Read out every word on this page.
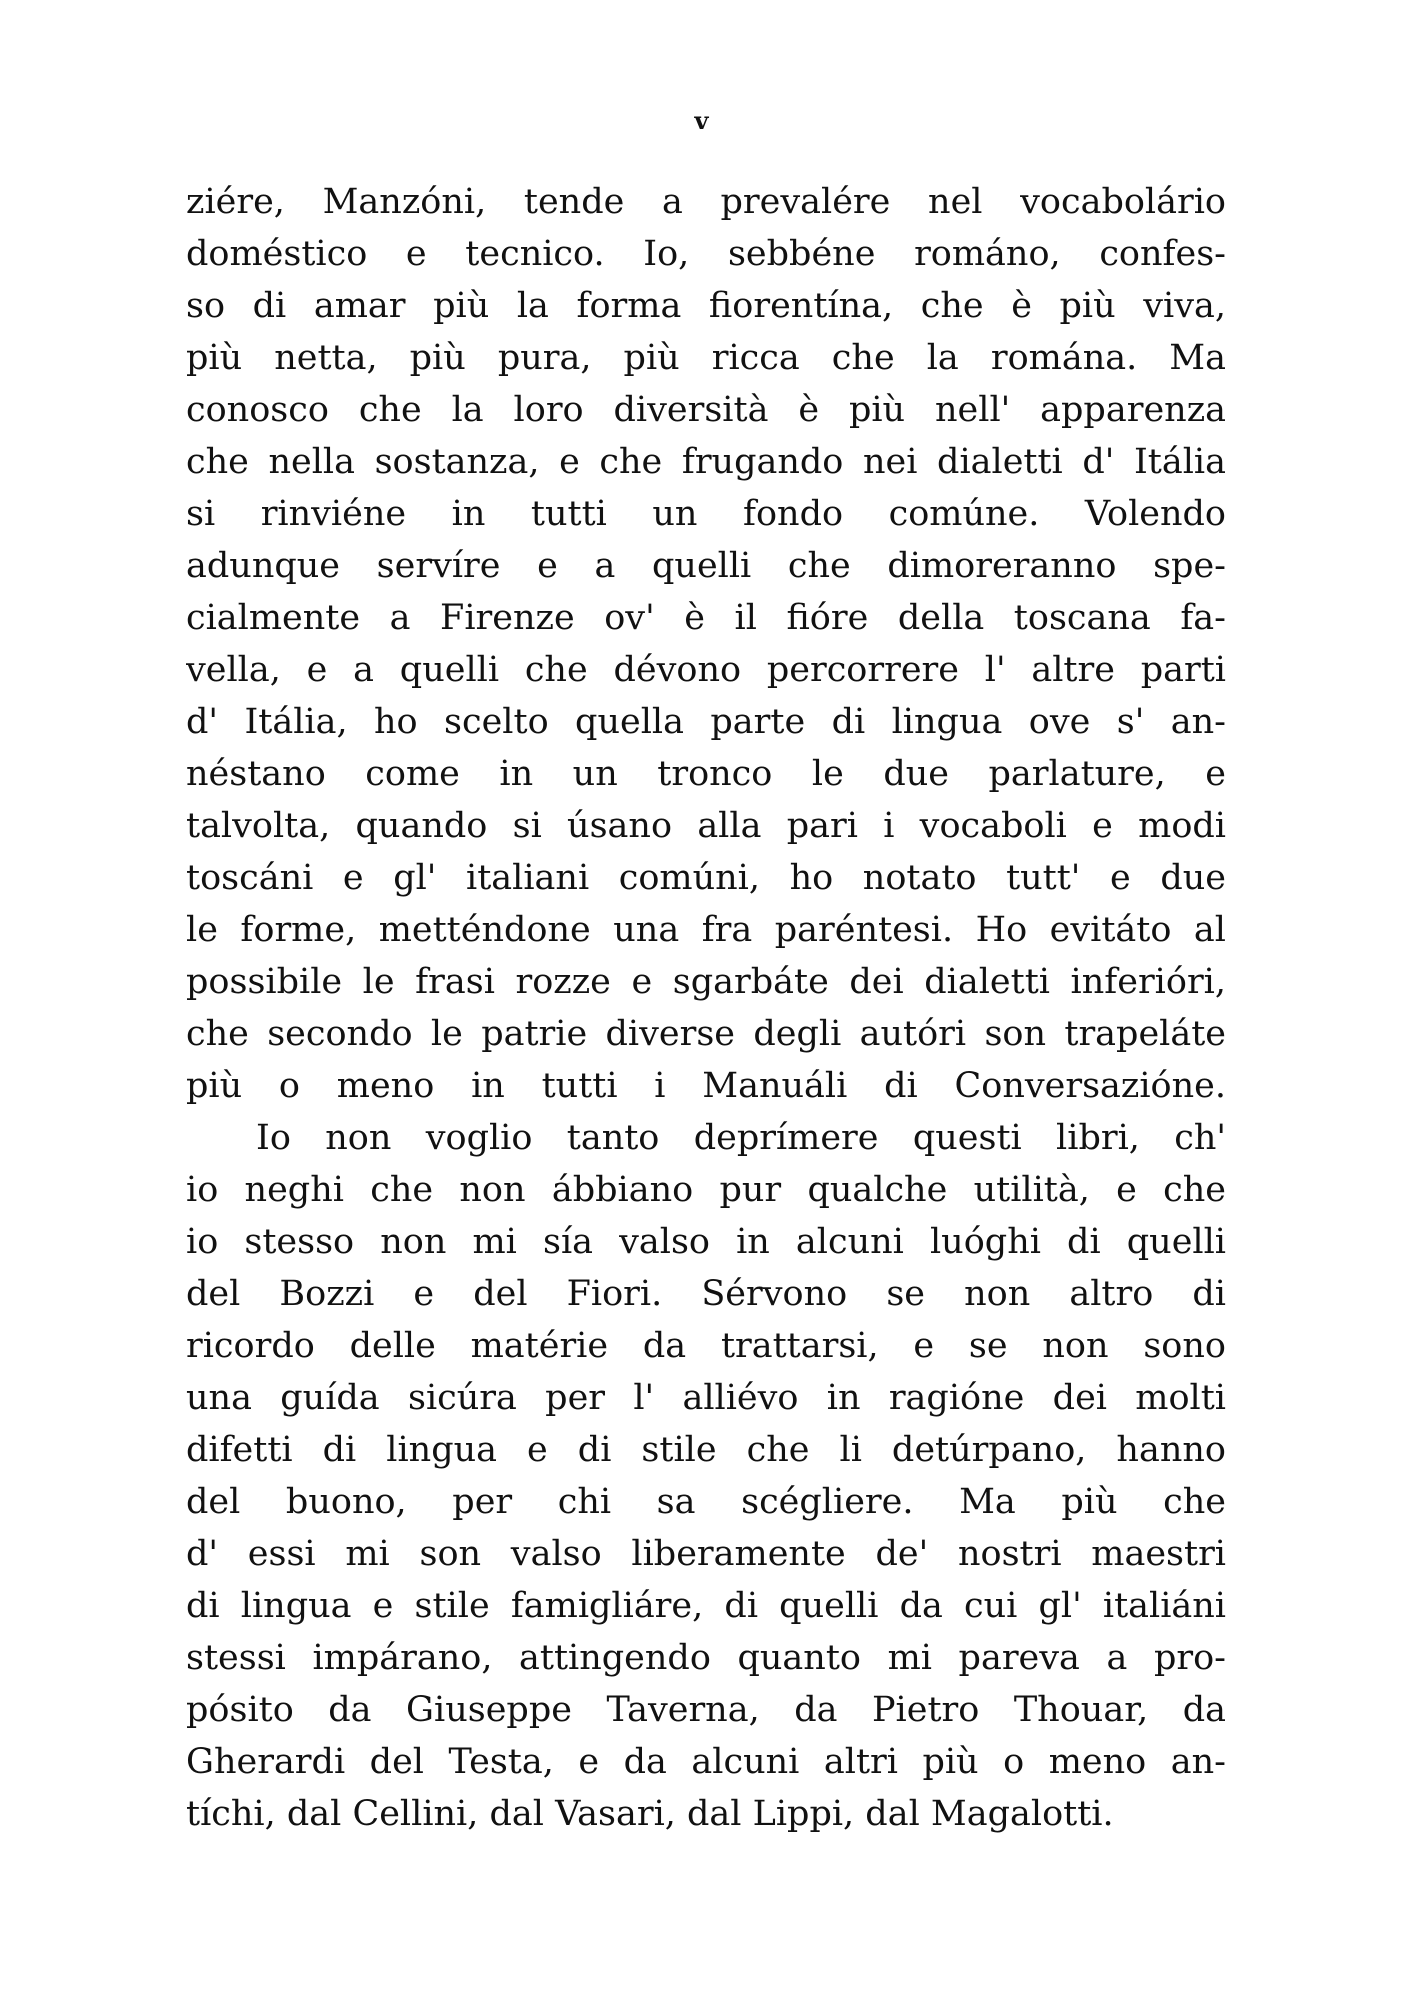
v
ziére, Manzóni, tende a prevalére nel vocabolário
doméstico e tecnico. Io, sebbéne románo, confes-
so di amar più la forma fiorentína, che è più viva,
più netta, più pura, più ricca che la romána. Ma
conosco che la loro diversità è più nell' apparenza
che nella sostanza, e che frugando nei dialetti d' Itália
si rinviéne in tutti un fondo comúne. Volendo
adunque servíre e a quelli che dimoreranno spe-
cialmente a Firenze ov' è il fióre della toscana fa-
vella, e a quelli che dévono percorrere l' altre parti
d' Itália, ho scelto quella parte di lingua ove s' an-
néstano come in un tronco le due parlature, e
talvolta, quando si úsano alla pari i vocaboli e modi
toscáni e gl' italiani comúni, ho notato tutt' e due
le forme, metténdone una fra paréntesi. Ho evitáto al
possibile le frasi rozze e sgarbáte dei dialetti inferióri,
che secondo le patrie diverse degli autóri son trapeláte
più o meno in tutti i Manuáli di Conversazióne.
Io non voglio tanto deprímere questi libri, ch'
io neghi che non ábbiano pur qualche utilità, e che
io stesso non mi sía valso in alcuni luóghi di quelli
del Bozzi e del Fiori. Sérvono se non altro di
ricordo delle matérie da trattarsi, e se non sono
una guída sicúra per l' alliévo in ragióne dei molti
difetti di lingua e di stile che li detúrpano, hanno
del buono, per chi sa scégliere. Ma più che
d' essi mi son valso liberamente de' nostri maestri
di lingua e stile famigliáre, di quelli da cui gl' italiáni
stessi impárano, attingendo quanto mi pareva a pro-
pósito da Giuseppe Taverna, da Pietro Thouar, da
Gherardi del Testa, e da alcuni altri più o meno an-
tíchi, dal Cellini, dal Vasari, dal Lippi, dal Magalotti.
